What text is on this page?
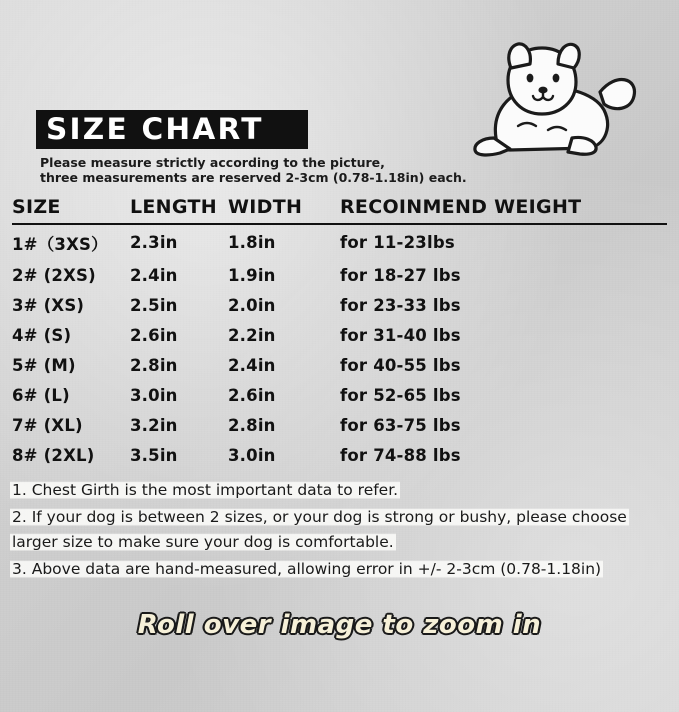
SIZE CHART
Please measure strictly according to the picture,
three measurements are reserved 2-3cm (0.78-1.18in) each.
SIZE	LENGTH	WIDTH	RECOINMEND WEIGHT
1#（3XS）	2.3in	1.8in	for 11-23lbs
2# (2XS)	2.4in	1.9in	for 18-27 lbs
3# (XS)	2.5in	2.0in	for 23-33 lbs
4# (S)	2.6in	2.2in	for 31-40 lbs
5# (M)	2.8in	2.4in	for 40-55 lbs
6# (L)	3.0in	2.6in	for 52-65 lbs
7# (XL)	3.2in	2.8in	for 63-75 lbs
8# (2XL)	3.5in	3.0in	for 74-88 lbs

1. Chest Girth is the most important data to refer.

2. If your dog is between 2 sizes, or your dog is strong or bushy, please choose larger size to make sure your dog is comfortable.

3. Above data are hand-measured, allowing error in +/- 2-3cm (0.78-1.18in)

Roll over image to zoom in
